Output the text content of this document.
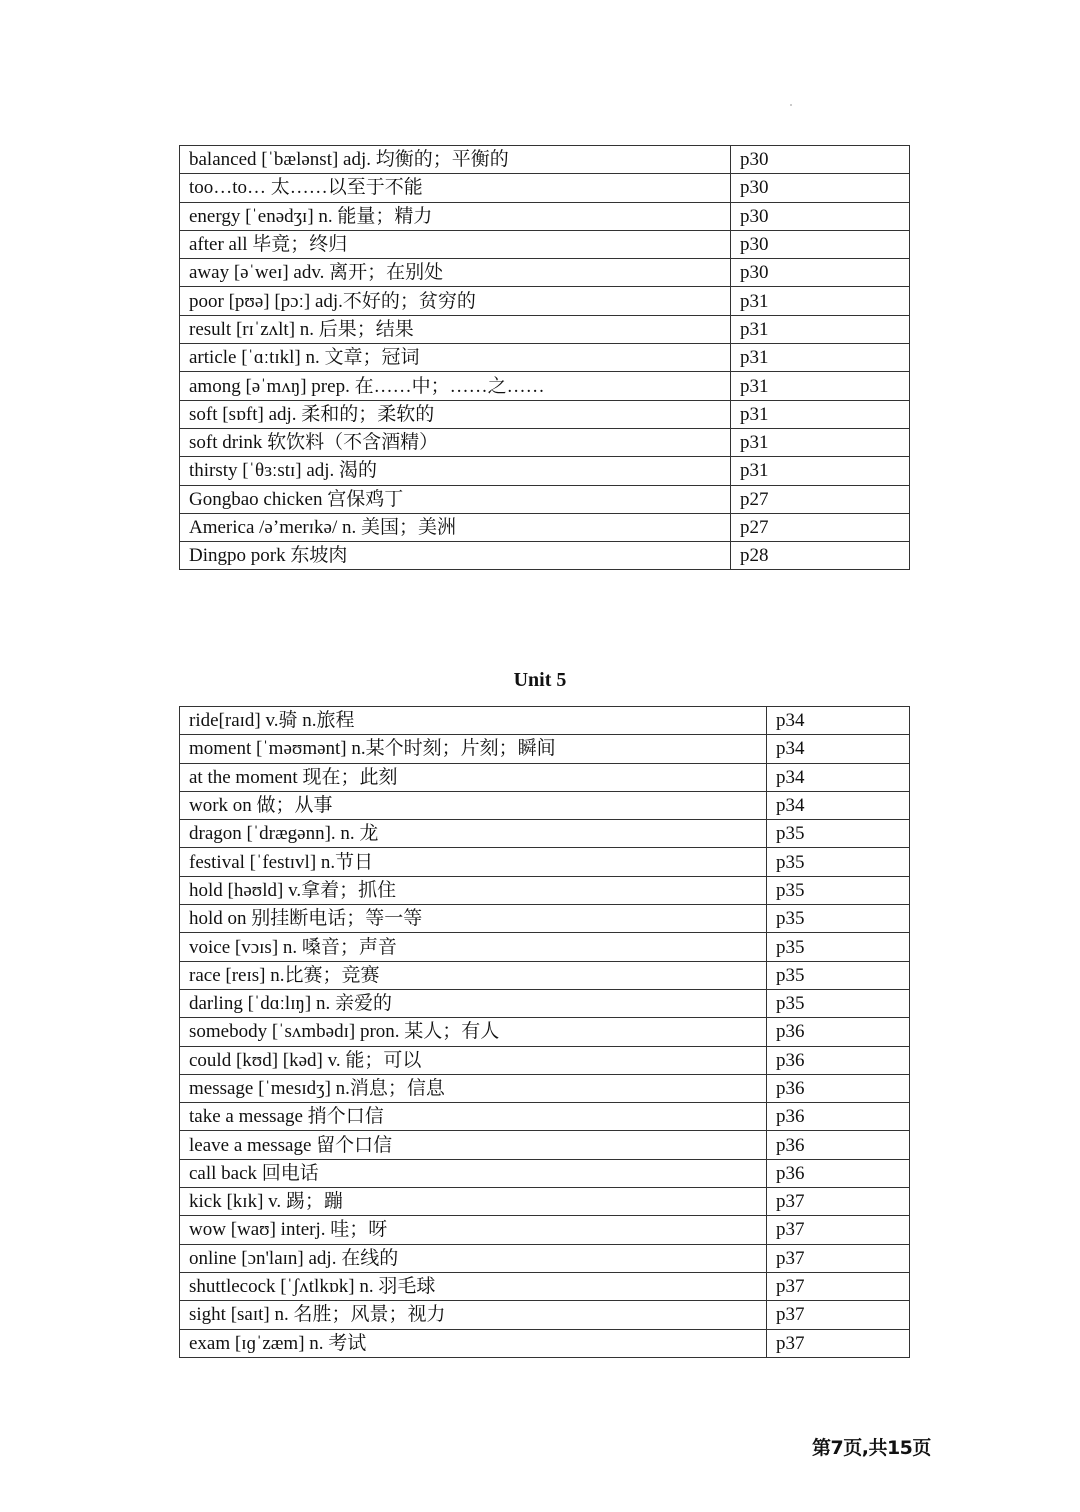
balanced [ˈbælənst] adj. 均衡的；平衡的	p30
too…to… 太……以至于不能	p30
energy [ˈenədʒɪ] n. 能量；精力	p30
after all 毕竟；终归	p30
away [əˈweɪ] adv. 离开；在别处	p30
poor [pʊə] [pɔː] adj.不好的；贫穷的	p31
result [rɪˈzʌlt] n. 后果；结果	p31
article [ˈɑːtɪkl] n. 文章；冠词	p31
among [əˈmʌŋ] prep. 在……中；……之……	p31
soft [sɒft] adj. 柔和的；柔软的	p31
soft drink 软饮料（不含酒精）	p31
thirsty [ˈθɜːstɪ] adj. 渴的	p31
Gongbao chicken 宫保鸡丁	p27
America /ə’merɪkə/ n. 美国；美洲	p27
Dingpo pork 东坡肉	p28
Unit 5
ride[raɪd] v.骑 n.旅程	p34
moment [ˈməʊmənt] n.某个时刻；片刻；瞬间	p34
at the moment 现在；此刻	p34
work on 做；从事	p34
dragon [ˈdrægənn]. n. 龙	p35
festival [ˈfestɪvl] n.节日	p35
hold [həʊld] v.拿着；抓住	p35
hold on 别挂断电话；等一等	p35
voice [vɔɪs] n. 嗓音；声音	p35
race [reɪs] n.比赛；竞赛	p35
darling [ˈdɑːlɪŋ] n. 亲爱的	p35
somebody [ˈsʌmbədɪ] pron. 某人；有人	p36
could [kʊd] [kəd] v. 能；可以	p36
message [ˈmesɪdʒ] n.消息；信息	p36
take a message 捎个口信	p36
leave a message 留个口信	p36
call back 回电话	p36
kick [kɪk] v. 踢；蹦	p37
wow [waʊ] interj. 哇；呀	p37
online [ɔn'laɪn] adj. 在线的	p37
shuttlecock [ˈʃʌtlkɒk] n. 羽毛球	p37
sight [saɪt] n. 名胜；风景；视力	p37
exam [ɪɡˈzæm] n. 考试	p37
第7页,共15页
